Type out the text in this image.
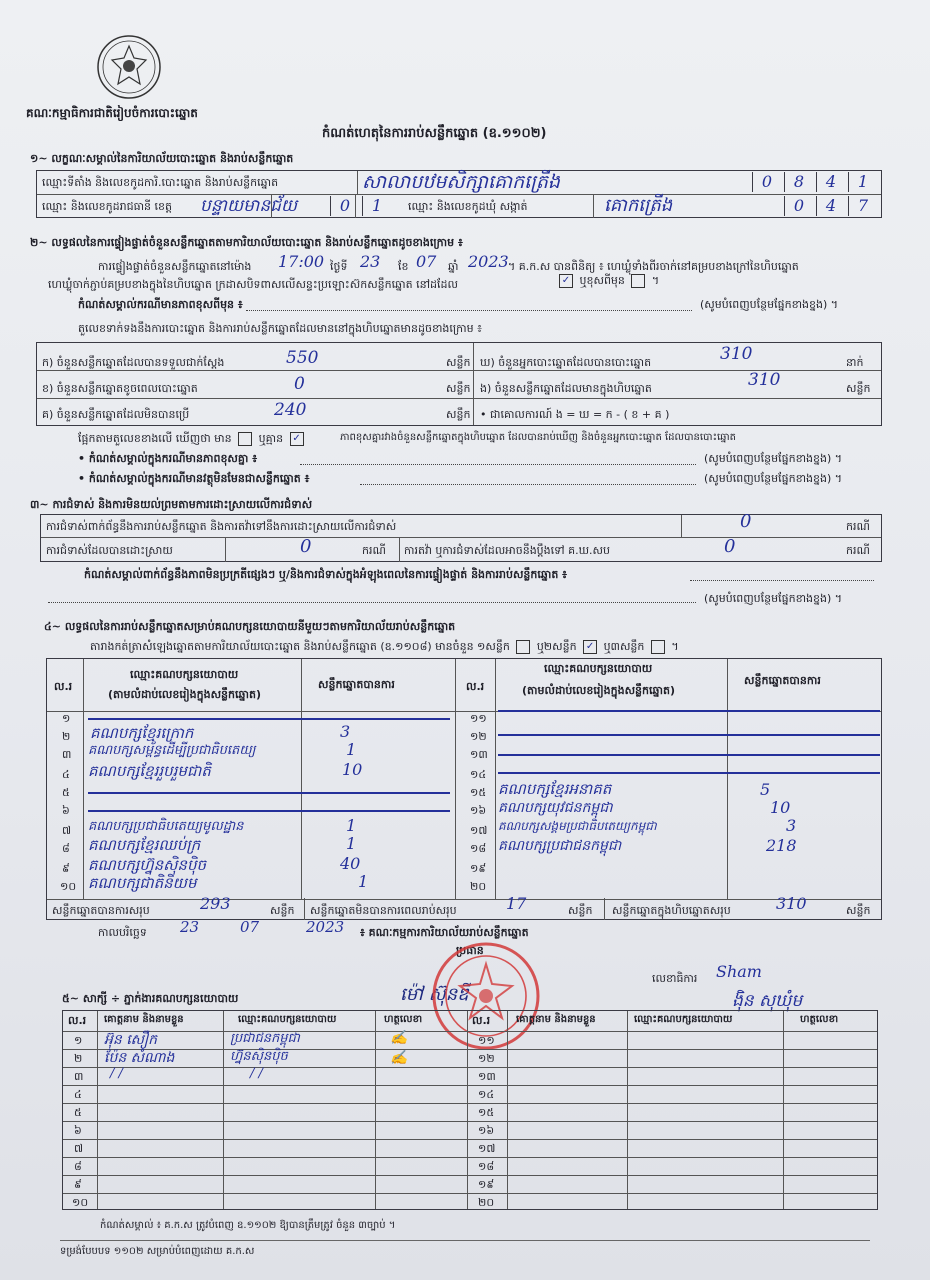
គណៈកម្មាធិការជាតិរៀបចំការបោះឆ្នោត
កំណត់ហេតុនៃការរាប់សន្លឹកឆ្នោត (ឧ.១១០២)
១~ លក្ខណៈសម្គាល់នៃការិយាល័យបោះឆ្នោត និងរាប់សន្លឹកឆ្នោត
ឈ្មោះទីតាំង និងលេខកូដការិ.បោះឆ្នោត និងរាប់សន្លឹកឆ្នោត	សាលាបឋមសិក្សាគោកត្រើង	0	8	4	1
ឈ្មោះ និងលេខកូដរាជធានី ខេត្ត បន្ទាយមានជ័យ	0	1	ឈ្មោះ និងលេខកូដឃុំ សង្កាត់	គោកត្រើង	0	4	7
២~ លទ្ធផលនៃការផ្ទៀងផ្ទាត់ចំនួនសន្លឹកឆ្នោតតាមការិយាល័យបោះឆ្នោត និងរាប់សន្លឹកឆ្នោតដូចខាងក្រោម ៖
ការផ្ទៀងផ្ទាត់ចំនួនសន្លឹកឆ្នោតនៅម៉ោង 17:00 ថ្ងៃទី 23 ខែ 07 ឆ្នាំ 2023 ។ គ.ក.ស បានពិនិត្យ ៖ ហេឃ្លុំទាំងពីរចាក់នៅគម្របខាងក្រៅនៃហិបឆ្នោត
ហេឃ្លុំចាក់ភ្ជាប់គម្របខាងក្នុងនៃហិបឆ្នោត ក្រដាសបិទពាសលើសន្ទះប្រឡោះស៊កសន្លឹកឆ្នោត នៅដដែល	✓ ឬខុសពីមុន  ។
កំណត់សម្គាល់ករណីមានភាពខុសពីមុន ៖	(សូមបំពេញបន្ថែមផ្នែកខាងខ្នង) ។
តួលេខទាក់ទងនឹងការបោះឆ្នោត និងការរាប់សន្លឹកឆ្នោតដែលមាននៅក្នុងហិបឆ្នោតមានដូចខាងក្រោម ៖
ក) ចំនួនសន្លឹកឆ្នោតដែលបានទទួលជាក់ស្តែង	550	សន្លឹក
ខ) ចំនួនសន្លឹកឆ្នោតខូចពេលបោះឆ្នោត	0	សន្លឹក
គ) ចំនួនសន្លឹកឆ្នោតដែលមិនបានប្រើ	240	សន្លឹក
ឃ) ចំនួនអ្នកបោះឆ្នោតដែលបានបោះឆ្នោត	310	នាក់
ង) ចំនួនសន្លឹកឆ្នោតដែលមានក្នុងហិបឆ្នោត	310	សន្លឹក
• ជាគោលការណ៍ ង = ឃ = ក - ( ខ + គ )
ផ្អែកតាមតួលេខខាងលើ ឃើញថា មាន ឬគ្មាន ✓	ភាពខុសគ្នារវាងចំនួនសន្លឹកឆ្នោតក្នុងហិបឆ្នោត ដែលបានរាប់ឃើញ និងចំនួនអ្នកបោះឆ្នោត ដែលបានបោះឆ្នោត
• កំណត់សម្គាល់ក្នុងករណីមានភាពខុសគ្នា ៖	(សូមបំពេញបន្ថែមផ្នែកខាងខ្នង) ។
• កំណត់សម្គាល់ក្នុងករណីមានវត្ថុមិនមែនជាសន្លឹកឆ្នោត ៖	(សូមបំពេញបន្ថែមផ្នែកខាងខ្នង) ។
៣~ ការជំទាស់ និងការមិនយល់ព្រមតាមការដោះស្រាយលើការជំទាស់
ការជំទាស់ពាក់ព័ន្ធនឹងការរាប់សន្លឹកឆ្នោត និងការតវ៉ាទៅនឹងការដោះស្រាយលើការជំទាស់	0	ករណី
ការជំទាស់ដែលបានដោះស្រាយ	0	ករណី ការតវ៉ា ឬការជំទាស់ដែលអាចនឹងប្តឹងទៅ គ.ឃ.សប	0	ករណី
កំណត់សម្គាល់ពាក់ព័ន្ធនឹងភាពមិនប្រក្រតីផ្សេងៗ ឬ/និងការជំទាស់ក្នុងអំឡុងពេលនៃការផ្ទៀងផ្ទាត់ និងការរាប់សន្លឹកឆ្នោត ៖
(សូមបំពេញបន្ថែមផ្នែកខាងខ្នង) ។
៤~ លទ្ធផលនៃការរាប់សន្លឹកឆ្នោតសម្រាប់គណបក្សនយោបាយនីមួយៗតាមការិយាល័យរាប់សន្លឹកឆ្នោត
តារាងកត់ត្រាសំឡេងឆ្នោតតាមការិយាល័យបោះឆ្នោត និងរាប់សន្លឹកឆ្នោត (ឧ.១១០៨) មានចំនួន ១សន្លឹក ឬ២សន្លឹក ✓ ឬ៣សន្លឹក  ។
ល.រ
ឈ្មោះគណបក្សនយោបាយ
(តាមលំដាប់លេខរៀងក្នុងសន្លឹកឆ្នោត)
សន្លឹកឆ្នោតបានការ	ល.រ
ឈ្មោះគណបក្សនយោបាយ
(តាមលំដាប់លេខរៀងក្នុងសន្លឹកឆ្នោត)
សន្លឹកឆ្នោតបានការ
១
២ គណបក្សខ្មែរក្រោក	3
៣ គណបក្សសម្ព័ន្ធដើម្បីប្រជាធិបតេយ្យ	1
៤ គណបក្សខ្មែររួបរួមជាតិ	10
៥
៦
៧ គណបក្សប្រជាធិបតេយ្យមូលដ្ឋាន	1
៨ គណបក្សខ្មែរឈប់ក្រ	1
៩ គណបក្សហ្វ៊ុនស៊ិនប៉ិច	40
១០ គណបក្សជាតិនិយម	1
១១
១២
១៣
១៤
១៥ គណបក្សខ្មែរអនាគត	5
១៦ គណបក្សយុវជនកម្ពុជា	10
១៧ គណបក្សសង្គមប្រជាធិបតេយ្យកម្ពុជា	3
១៨ គណបក្សប្រជាជនកម្ពុជា	218
១៩
២០
សន្លឹកឆ្នោតបានការសរុប	293	សន្លឹក សន្លឹកឆ្នោតមិនបានការពេលរាប់សរុប	17	សន្លឹក សន្លឹកឆ្នោតក្នុងហិបឆ្នោតសរុប	310	សន្លឹក
កាលបរិច្ឆេទ 23	07	2023 ៖ គណៈកម្មការការិយាល័យរាប់សន្លឹកឆ្នោត
ប្រធាន
លេខាធិការ Sham
ង៉ិន សុឃុំម
ម៉ៅ ស៊ុនឌី
៥~ សាក្សី ÷ ភ្នាក់ងារគណបក្សនយោបាយ
ល.រ គោត្តនាម និងនាមខ្លួន	ឈ្មោះគណបក្សនយោបាយ	ហត្ថលេខា	ល.រ	គោត្តនាម និងនាមខ្លួន	ឈ្មោះគណបក្សនយោបាយ	ហត្ថលេខា
១ អ៊ុន សឿក	ប្រជាជនកម្ពុជា	✍
២ ប៉ែន សំណាង	ហ្វ៊ុនស៊ិនប៉ិច	✍
៣ / /	/ /
៤
៥
៦
៧
៨
៩
១០
១១
១២
១៣
១៤
១៥
១៦
១៧
១៨
១៩
២០
កំណត់សម្គាល់ ៖ គ.ក.ស ត្រូវបំពេញ ឧ.១១០២ ឱ្យបានត្រឹមត្រូវ ចំនួន ៣ច្បាប់ ។
ទម្រង់បែបបទ ១១០២ សម្រាប់បំពេញដោយ គ.ក.ស
